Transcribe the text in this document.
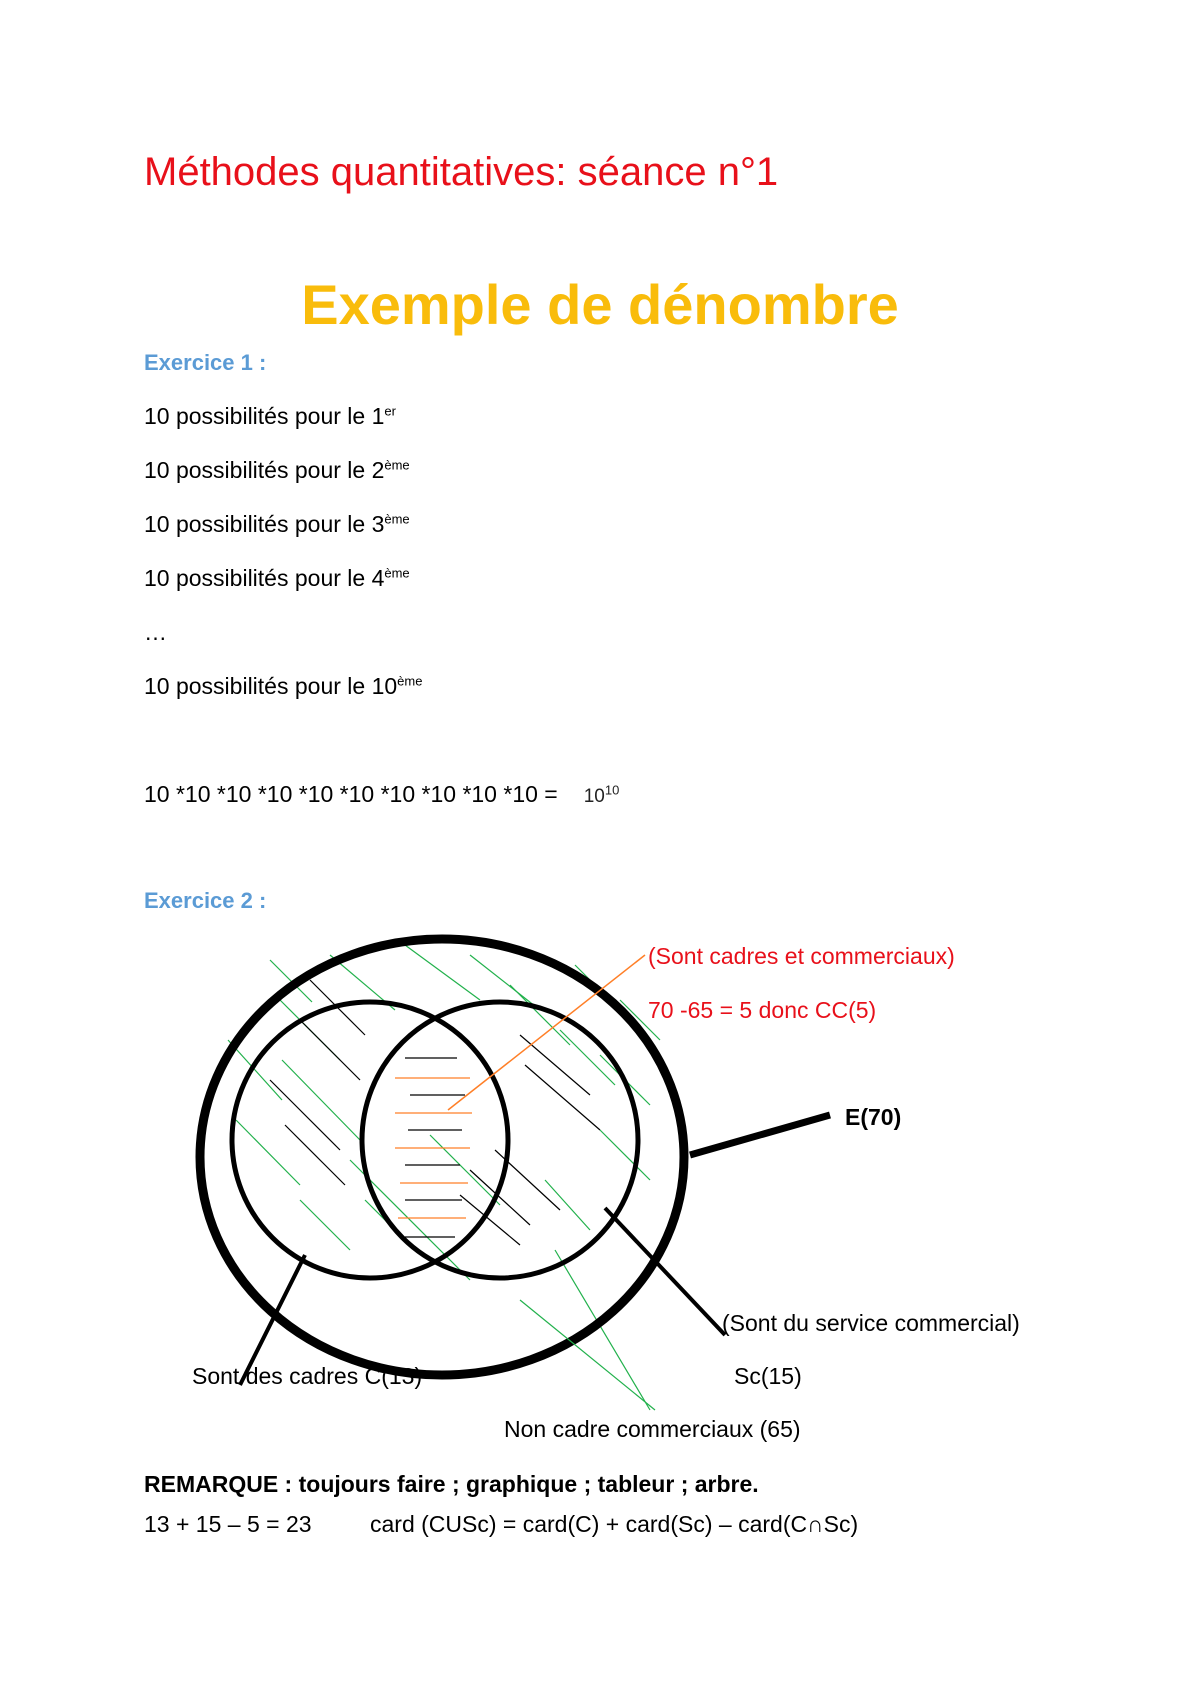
Méthodes quantitatives: séance n°1
Exemple de dénombre
Exercice 1 :
10 possibilités pour le 1er
10 possibilités pour le 2ème
10 possibilités pour le 3ème
10 possibilités pour le 4ème
…
10 possibilités pour le 10ème
10 *10 *10 *10 *10 *10 *10 *10 *10 $*10 = 10^{10}$
Exercice 2 :
(Sont cadres et commerciaux)
70 -65 = 5 donc CC(5)
E(70)
(Sont du service commercial)
Sc(15)
Sont des cadres C(13)
Non cadre commerciaux (65)
REMARQUE : toujours faire ; graphique ; tableur ; arbre.
13 + 15 – 5 = 23	card (CUSc) = card(C) + card(Sc) – card(C∩Sc)
